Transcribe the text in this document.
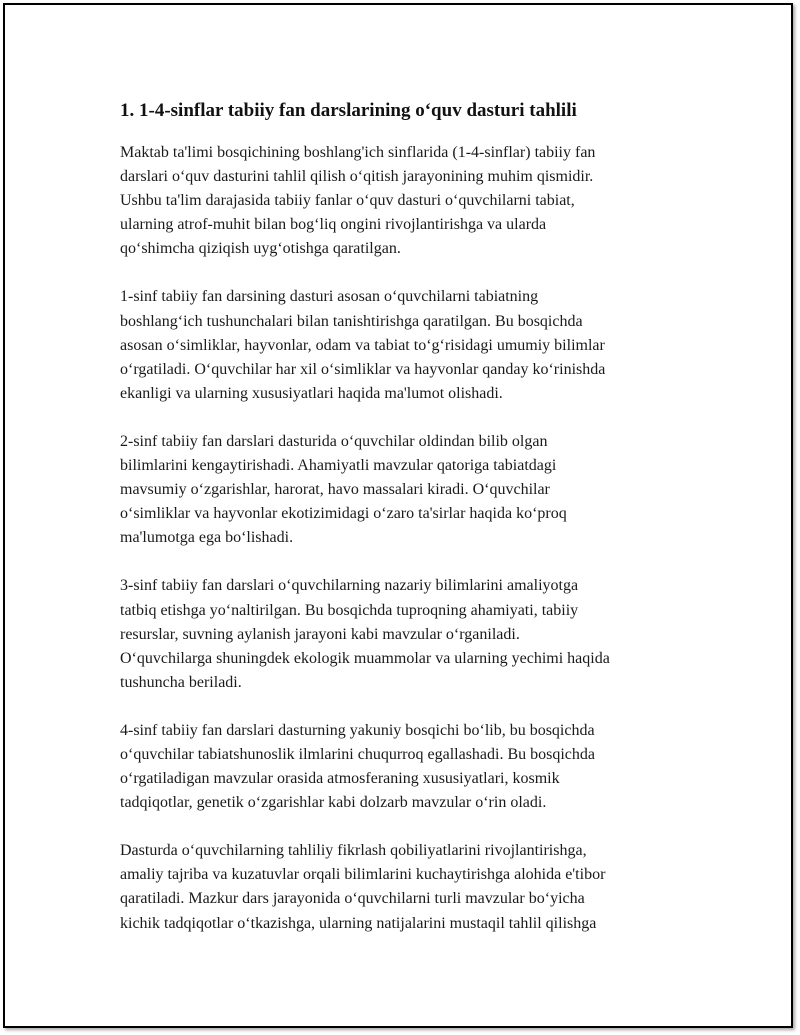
1. 1-4-sinflar tabiiy fan darslarining o‘quv dasturi tahlili

Maktab ta'limi bosqichining boshlang'ich sinflarida (1-4-sinflar) tabiiy fan
darslari o‘quv dasturini tahlil qilish o‘qitish jarayonining muhim qismidir.
Ushbu ta'lim darajasida tabiiy fanlar o‘quv dasturi o‘quvchilarni tabiat,
ularning atrof-muhit bilan bog‘liq ongini rivojlantirishga va ularda
qo‘shimcha qiziqish uyg‘otishga qaratilgan.

1-sinf tabiiy fan darsining dasturi asosan o‘quvchilarni tabiatning
boshlang‘ich tushunchalari bilan tanishtirishga qaratilgan. Bu bosqichda
asosan o‘simliklar, hayvonlar, odam va tabiat to‘g‘risidagi umumiy bilimlar
o‘rgatiladi. O‘quvchilar har xil o‘simliklar va hayvonlar qanday ko‘rinishda
ekanligi va ularning xususiyatlari haqida ma'lumot olishadi.

2-sinf tabiiy fan darslari dasturida o‘quvchilar oldindan bilib olgan
bilimlarini kengaytirishadi. Ahamiyatli mavzular qatoriga tabiatdagi
mavsumiy o‘zgarishlar, harorat, havo massalari kiradi. O‘quvchilar
o‘simliklar va hayvonlar ekotizimidagi o‘zaro ta'sirlar haqida ko‘proq
ma'lumotga ega bo‘lishadi.

3-sinf tabiiy fan darslari o‘quvchilarning nazariy bilimlarini amaliyotga
tatbiq etishga yo‘naltirilgan. Bu bosqichda tuproqning ahamiyati, tabiiy
resurslar, suvning aylanish jarayoni kabi mavzular o‘rganiladi.
O‘quvchilarga shuningdek ekologik muammolar va ularning yechimi haqida
tushuncha beriladi.

4-sinf tabiiy fan darslari dasturning yakuniy bosqichi bo‘lib, bu bosqichda
o‘quvchilar tabiatshunoslik ilmlarini chuqurroq egallashadi. Bu bosqichda
o‘rgatiladigan mavzular orasida atmosferaning xususiyatlari, kosmik
tadqiqotlar, genetik o‘zgarishlar kabi dolzarb mavzular o‘rin oladi.

Dasturda o‘quvchilarning tahliliy fikrlash qobiliyatlarini rivojlantirishga,
amaliy tajriba va kuzatuvlar orqali bilimlarini kuchaytirishga alohida e'tibor
qaratiladi. Mazkur dars jarayonida o‘quvchilarni turli mavzular bo‘yicha
kichik tadqiqotlar o‘tkazishga, ularning natijalarini mustaqil tahlil qilishga
